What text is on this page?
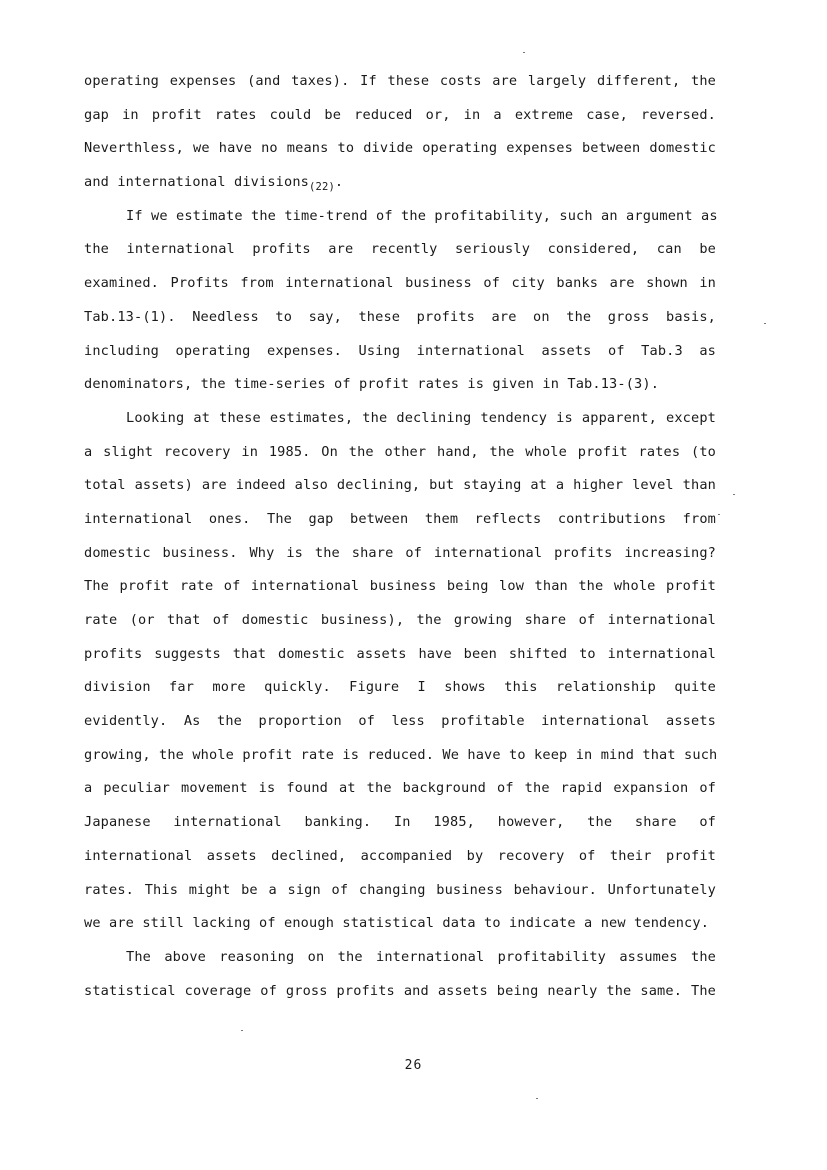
operating expenses (and taxes). If these costs are largely different, the
gap in profit rates could be reduced or, in a extreme case, reversed.
Neverthless, we have no means to divide operating expenses between domestic
and international divisions$_{(22)}$.
If we estimate the time-trend of the profitability, such an argument as
the international profits are recently seriously considered, can be
examined. Profits from international business of city banks are shown in
Tab.13-(1). Needless to say, these profits are on the gross basis,
including operating expenses. Using international assets of Tab.3 as
denominators, the time-series of profit rates is given in Tab.13-(3).
Looking at these estimates, the declining tendency is apparent, except
a slight recovery in 1985. On the other hand, the whole profit rates (to
total assets) are indeed also declining, but staying at a higher level than
international ones. The gap between them reflects contributions from
domestic business. Why is the share of international profits increasing?
The profit rate of international business being low than the whole profit
rate (or that of domestic business), the growing share of international
profits suggests that domestic assets have been shifted to international
division far more quickly. Figure I shows this relationship quite
evidently. As the proportion of less profitable international assets
growing, the whole profit rate is reduced. We have to keep in mind that such
a peculiar movement is found at the background of the rapid expansion of
Japanese international banking. In 1985, however, the share of
international assets declined, accompanied by recovery of their profit
rates. This might be a sign of changing business behaviour. Unfortunately
we are still lacking of enough statistical data to indicate a new tendency.
The above reasoning on the international profitability assumes the
statistical coverage of gross profits and assets being nearly the same. The
26
